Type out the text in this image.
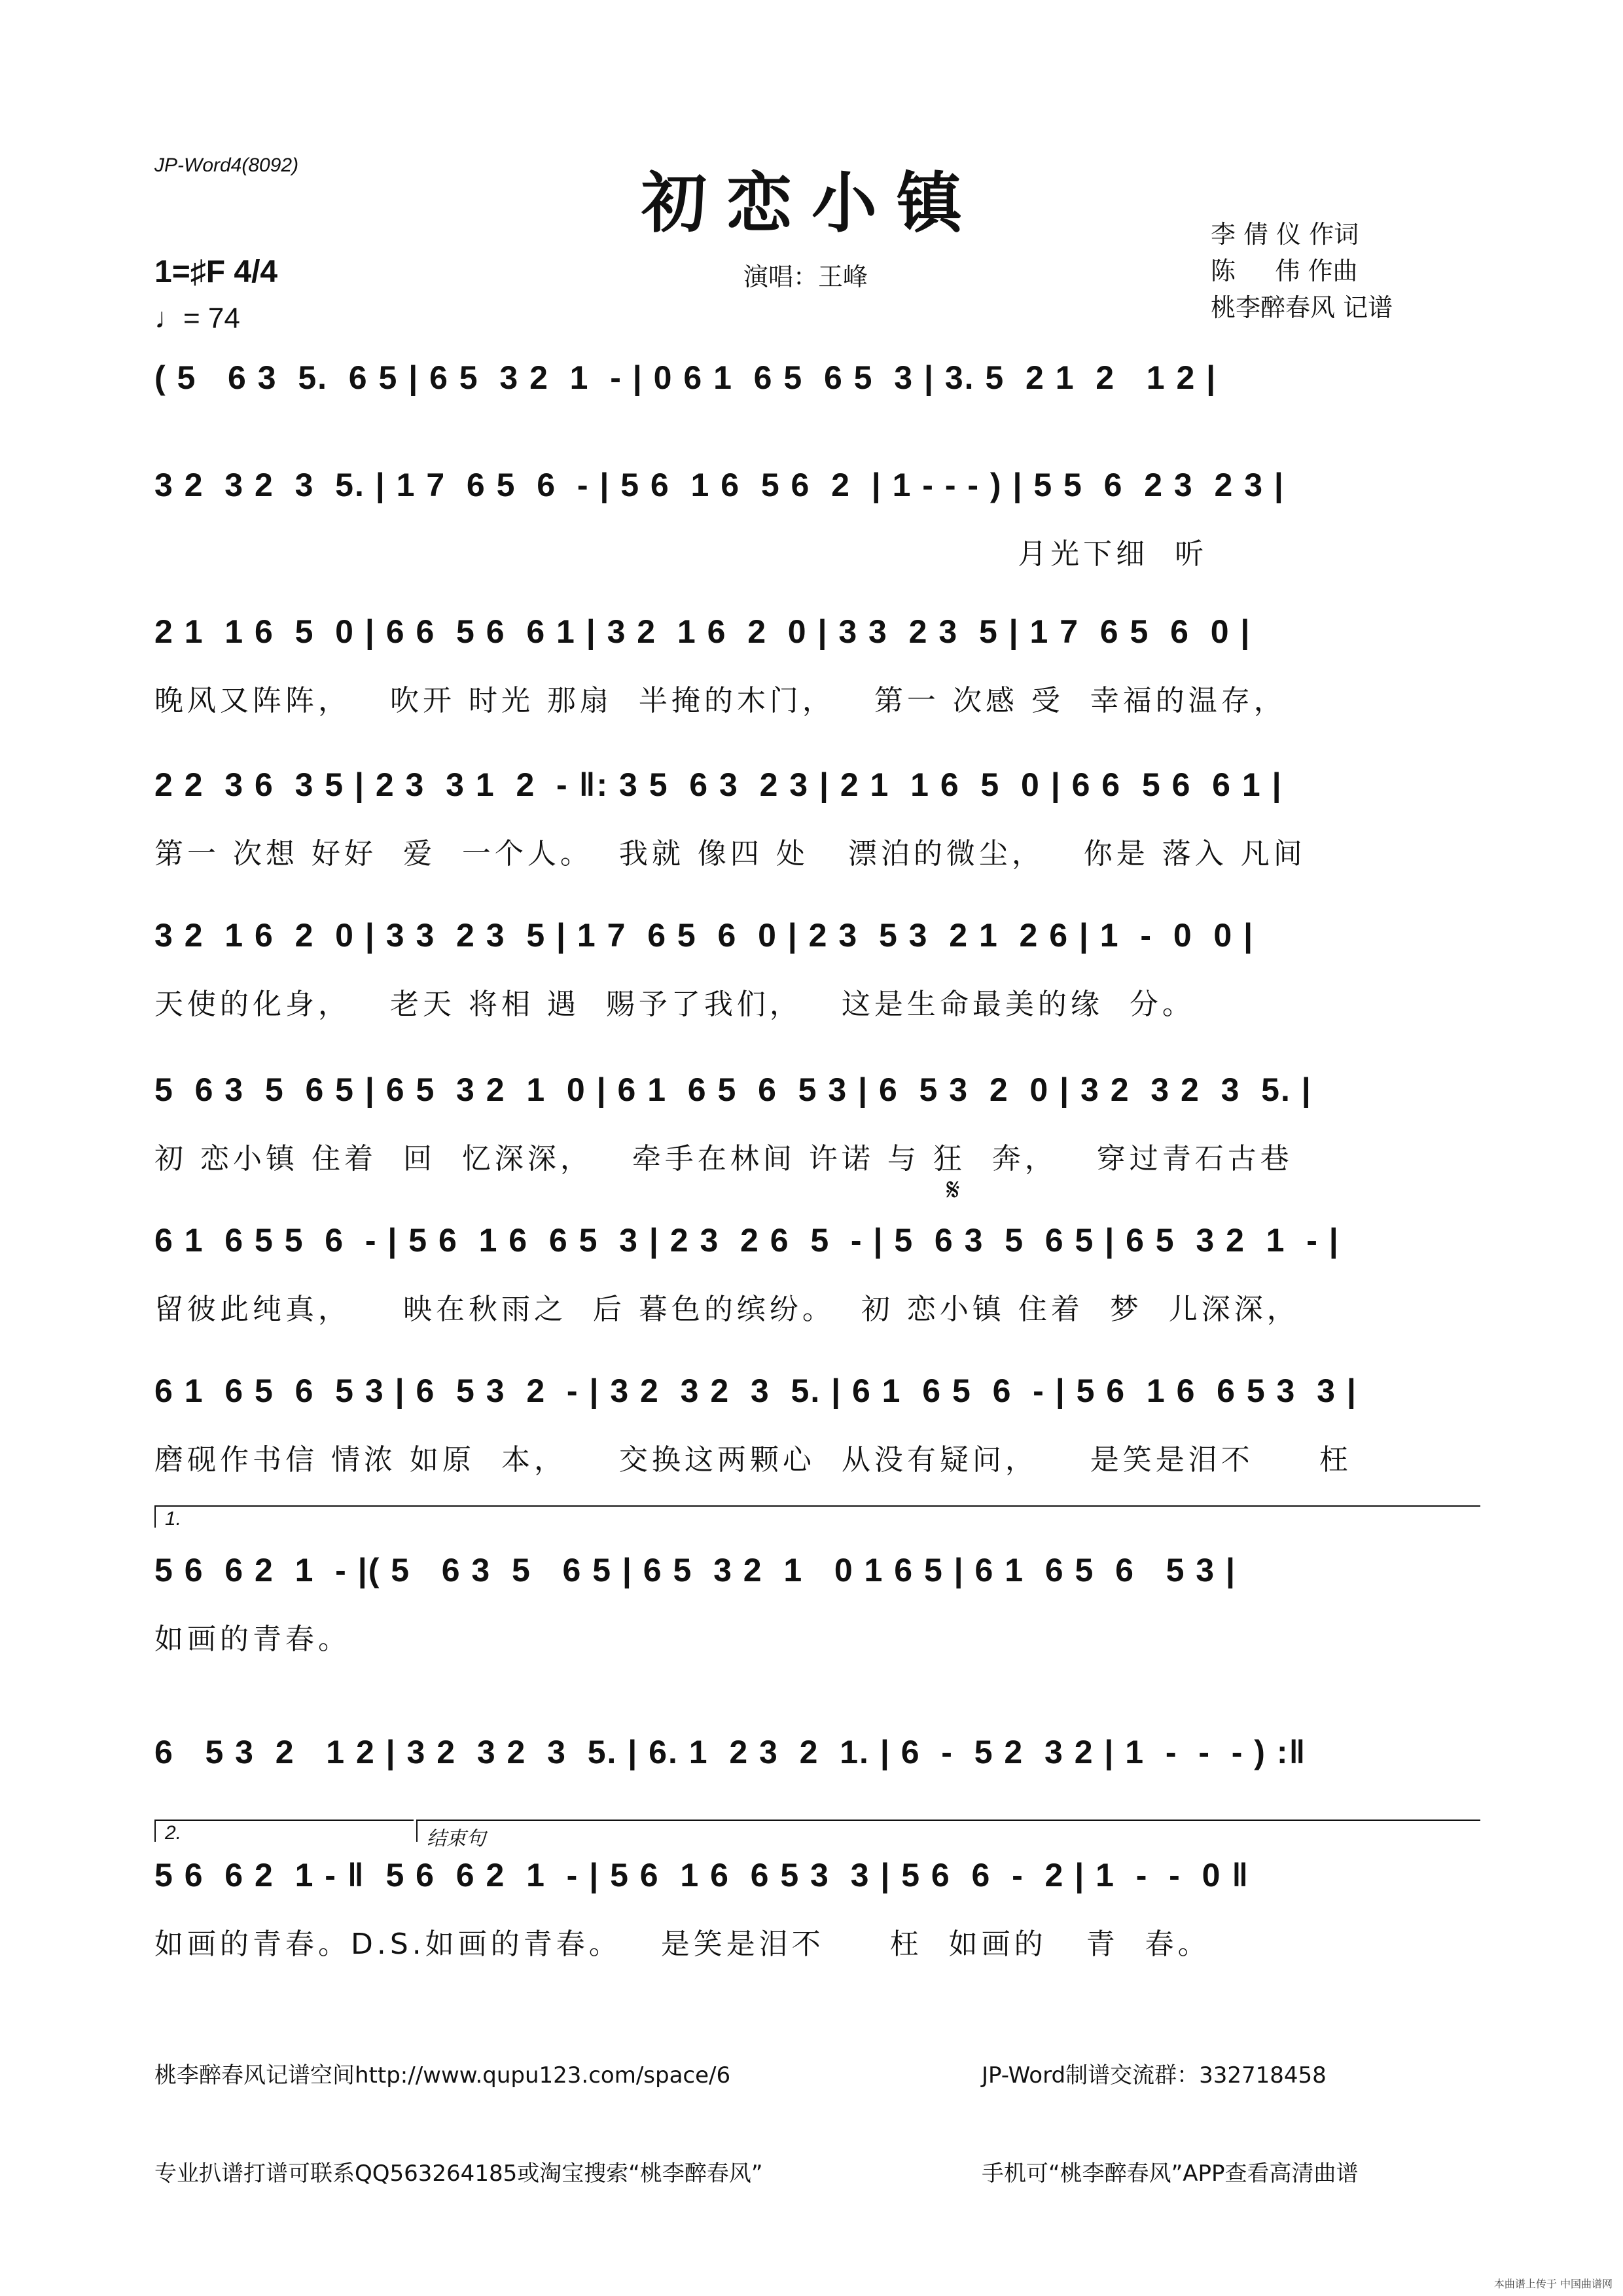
JP-Word4(8092)	初恋小镇
1=♯F 4/4
♩= 74
演唱：王峰
李 倩 仪 作词
陈     伟 作曲
桃李醉春风 记谱
( 5   6 3  5.  6 5 | 6 5  3 2  1  - | 0 6 1  6 5  6 5  3 | 3. 5  2 1  2   1 2 |
3 2  3 2  3  5. | 1 7  6 5  6  - | 5 6  1 6  5 6  2  | 1 - - - ) | 5 5  6  2 3  2 3 |
月光下细  听
2 1  1 6  5  0 | 6 6  5 6  6 1 | 3 2  1 6  2  0 | 3 3  2 3  5 | 1 7  6 5  6  0 |
晚风又阵阵，   吹开 时光 那扇  半掩的木门，   第一 次感 受  幸福的温存，
2 2  3 6  3 5 | 2 3  3 1  2  - ‖: 3 5  6 3  2 3 | 2 1  1 6  5  0 | 6 6  5 6  6 1 |
第一 次想 好好  爱  一个人。  我就 像四 处   漂泊的微尘，   你是 落入 凡间
3 2  1 6  2  0 | 3 3  2 3  5 | 1 7  6 5  6  0 | 2 3  5 3  2 1  2 6 | 1  -  0  0 |
天使的化身，   老天 将相 遇  赐予了我们，   这是生命最美的缘  分。
5  6 3  5  6 5 | 6 5  3 2  1  0 | 6 1  6 5  6  5 3 | 6  5 3  2  0 | 3 2  3 2  3  5. |
初 恋小镇 住着  回  忆深深，   牵手在林间 许诺 与 狂  奔，   穿过青石古巷
𝄋
6 1  6 5 5  6  - | 5 6  1 6  6 5  3 | 2 3  2 6  5  - | 5  6 3  5  6 5 | 6 5  3 2  1  - |
留彼此纯真，    映在秋雨之  后 暮色的缤纷。  初 恋小镇 住着  梦  儿深深，
6 1  6 5  6  5 3 | 6  5 3  2  - | 3 2  3 2  3  5. | 6 1  6 5  6  - | 5 6  1 6  6 5 3  3 |
磨砚作书信 情浓 如原  本，    交换这两颗心  从没有疑问，    是笑是泪不     枉
1.
5 6  6 2  1  - |( 5   6 3  5   6 5 | 6 5  3 2  1   0 1 6 5 | 6 1  6 5  6   5 3 |
如画的青春。
6   5 3  2   1 2 | 3 2  3 2  3  5. | 6. 1  2 3  2  1. | 6  -  5 2  3 2 | 1  -  -  - ) :‖
2.	结束句
5 6  6 2  1 - ‖  5 6  6 2  1  - | 5 6  1 6  6 5 3  3 | 5 6  6  -  2 | 1  -  -  0 ‖
如画的青春。D.S.如画的青春。   是笑是泪不     枉  如画的   青  春。

桃李醉春风记谱空间http://www.qupu123.com/space/6

专业扒谱打谱可联系QQ563264185或淘宝搜索“桃李醉春风”

JP-Word制谱交流群：332718458

手机可“桃李醉春风”APP查看高清曲谱

本曲谱上传于 中国曲谱网
